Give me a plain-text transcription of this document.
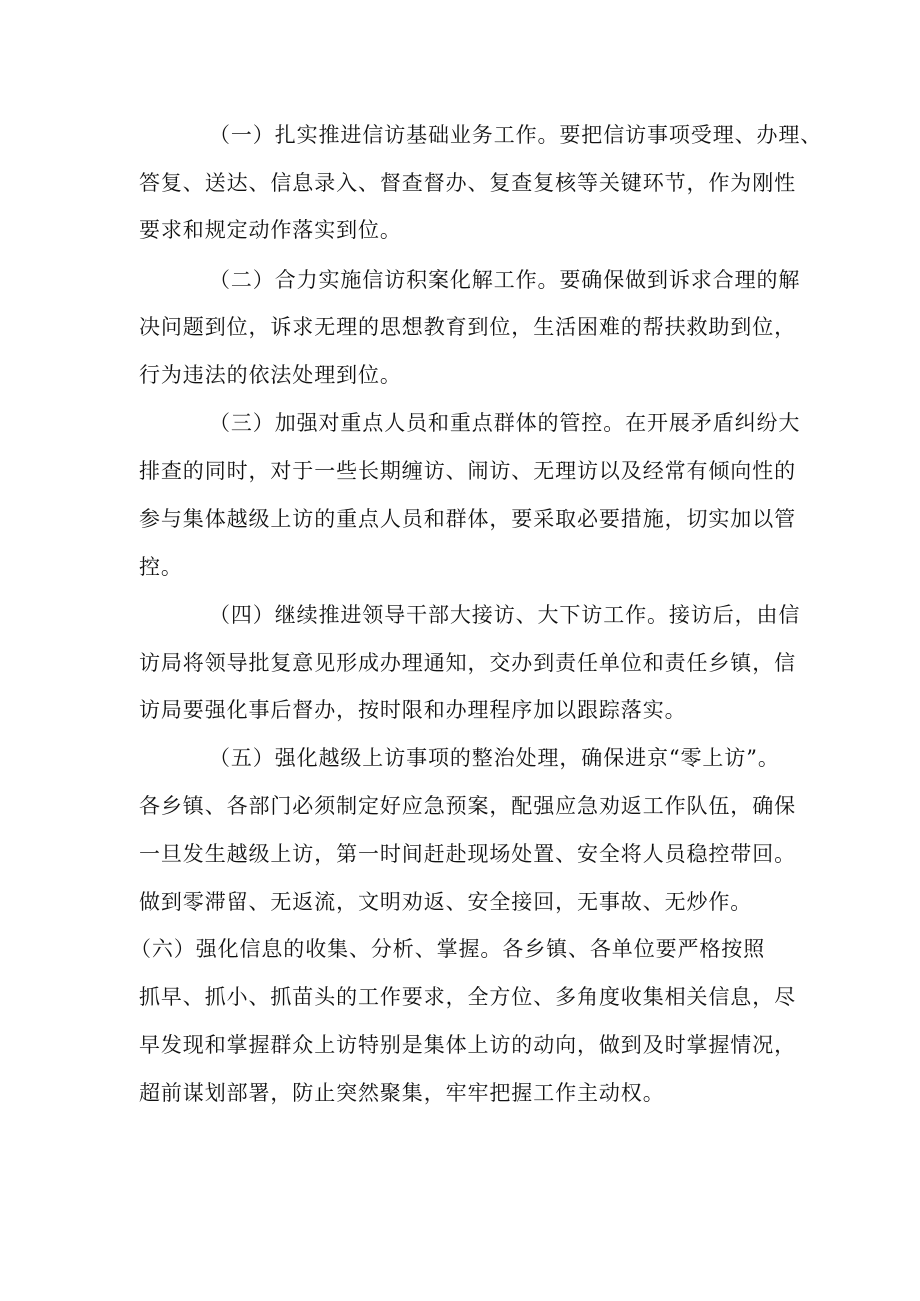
（一）扎实推进信访基础业务工作。要把信访事项受理、办理、
答复、送达、信息录入、督查督办、复查复核等关键环节，作为刚性
要求和规定动作落实到位。
（二）合力实施信访积案化解工作。要确保做到诉求合理的解
决问题到位，诉求无理的思想教育到位，生活困难的帮扶救助到位，
行为违法的依法处理到位。
（三）加强对重点人员和重点群体的管控。在开展矛盾纠纷大
排查的同时，对于一些长期缠访、闹访、无理访以及经常有倾向性的
参与集体越级上访的重点人员和群体，要采取必要措施，切实加以管
控。
（四）继续推进领导干部大接访、大下访工作。接访后，由信
访局将领导批复意见形成办理通知，交办到责任单位和责任乡镇，信
访局要强化事后督办，按时限和办理程序加以跟踪落实。
（五）强化越级上访事项的整治处理，确保进京“零上访”。
各乡镇、各部门必须制定好应急预案，配强应急劝返工作队伍，确保
一旦发生越级上访，第一时间赶赴现场处置、安全将人员稳控带回。
做到零滞留、无返流，文明劝返、安全接回，无事故、无炒作。
（六）强化信息的收集、分析、掌握。各乡镇、各单位要严格按照
抓早、抓小、抓苗头的工作要求，全方位、多角度收集相关信息，尽
早发现和掌握群众上访特别是集体上访的动向，做到及时掌握情况，
超前谋划部署，防止突然聚集，牢牢把握工作主动权。
